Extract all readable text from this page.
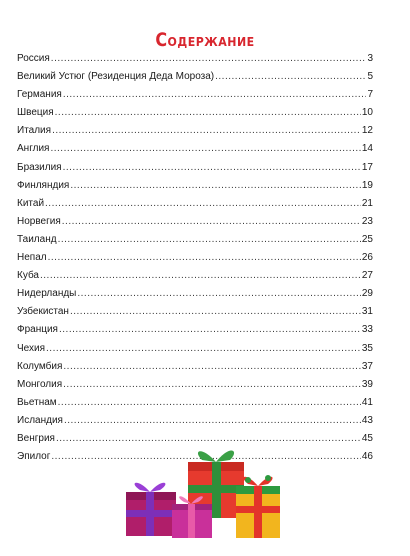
Содержание
Россия .....	3
Великий Устюг (Резиденция Деда Мороза) .....	5
Германия .....	7
Швеция .....	10
Италия .....	12
Англия .....	14
Бразилия .....	17
Финляндия .....	19
Китай .....	21
Норвегия .....	23
Таиланд .....	25
Непал .....	26
Куба .....	27
Нидерланды .....	29
Узбекистан .....	31
Франция .....	33
Чехия .....	35
Колумбия .....	37
Монголия .....	39
Вьетнам .....	41
Исландия .....	43
Венгрия .....	45
Эпилог .....	46
